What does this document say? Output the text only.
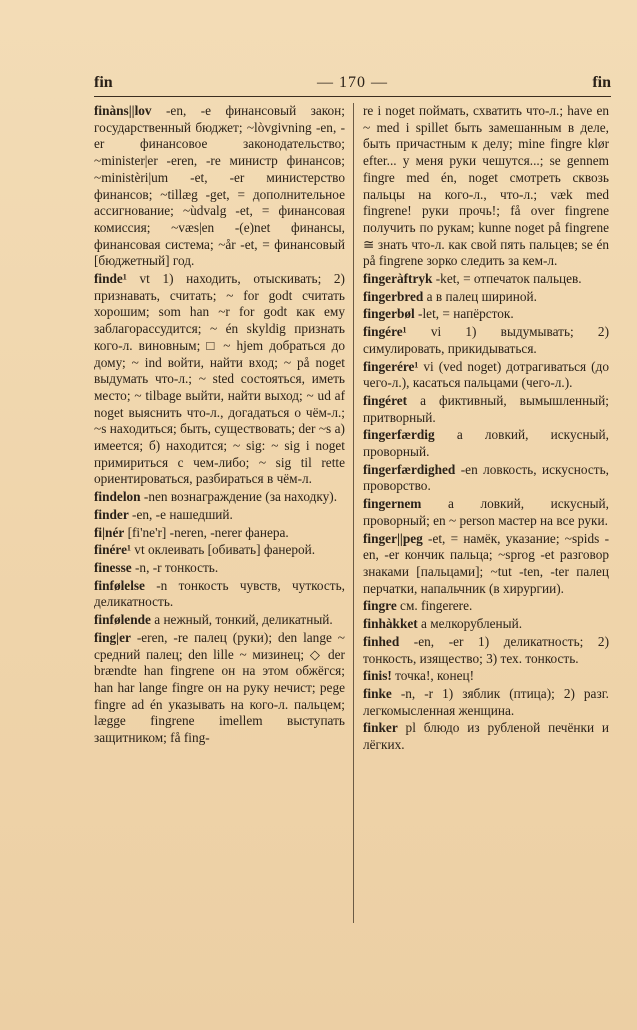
fin	— 170 —	fin

finàns||lov -en, -e финансовый закон; государственный бюджет; ~lòvgivning -en, -er финансовое законодательство; ~minister|er -eren, -re министр финансов; ~ministèri|um -et, -er министерство финансов; ~tillæg -get, = дополнительное ассигнование; ~ùdvalg -et, = финансовая комиссия; ~væs|en -(e)net финансы, финансовая система; ~år -et, = финансовый [бюджетный] год.

finde¹ vt 1) находить, отыскивать; 2) признавать, считать; ~ for godt считать хорошим; som han ~r for godt как ему заблагорассудится; ~ én skyldig признать кого-л. виновным; □ ~ hjem добраться до дому; ~ ind войти, найти вход; ~ på noget выдумать что-л.; ~ sted состояться, иметь место; ~ tilbage выйти, найти выход; ~ ud af noget выяснить что-л., догадаться о чём-л.; ~s находиться; быть, существовать; der ~s а) имеется; б) находится; ~ sig: ~ sig i noget примириться с чем-либо; ~ sig til rette ориентироваться, разбираться в чём-л.

findelon -nen вознаграждение (за находку).

finder -en, -e нашедший.

fi|nér [fi'ne'r] -neren, -nerer фанера.

finére¹ vt оклеивать [обивать] фанерой.

finesse -n, -r тонкость.

finfølelse -n тонкость чувств, чуткость, деликатность.

finfølende a нежный, тонкий, деликатный.

fing|er -eren, -re палец (руки); den lange ~ средний палец; den lille ~ мизинец; ◇ der brændte han fingrene он на этом обжёгся; han har lange fingre он на руку нечист; pege fingre ad én указывать на кого-л. пальцем; lægge fingrene imellem выступать защитником; få fing-

re i noget поймать, схватить что-л.; have en ~ med i spillet быть замешанным в деле, быть причастным к делу; mine fingre klør efter... у меня руки чешутся...; se gennem fingre med én, noget смотреть сквозь пальцы на кого-л., что-л.; væk med fingrene! руки прочь!; få over fingrene получить по рукам; kunne noget på fingrene ≅ знать что-л. как свой пять пальцев; se én på fingrene зорко следить за кем-л.

fingeràftryk -ket, = отпечаток пальцев.

fingerbred a в палец шириной.

fingerbøl -let, = напёрсток.

fingére¹ vi 1) выдумывать; 2) симулировать, прикидываться.

fingerére¹ vi (ved noget) дотрагиваться (до чего-л.), касаться пальцами (чего-л.).

fingéret a фиктивный, вымышленный; притворный.

fingerfærdig a ловкий, искусный, проворный.

fingerfærdighed -en ловкость, искусность, проворство.

fingernem a ловкий, искусный, проворный; en ~ person мастер на все руки.

finger||peg -et, = намёк, указание; ~spids -en, -er кончик пальца; ~sprog -et разговор знаками [пальцами]; ~tut -ten, -ter палец перчатки, напальчник (в хирургии).

fingre см. fingerere.

finhàkket a мелкорубленый.

finhed -en, -er 1) деликатность; 2) тонкость, изящество; 3) тех. тонкость.

finis! точка!, конец!

finke -n, -r 1) зяблик (птица); 2) разг. легкомысленная женщина.

finker pl блюдо из рубленой печёнки и лёгких.
